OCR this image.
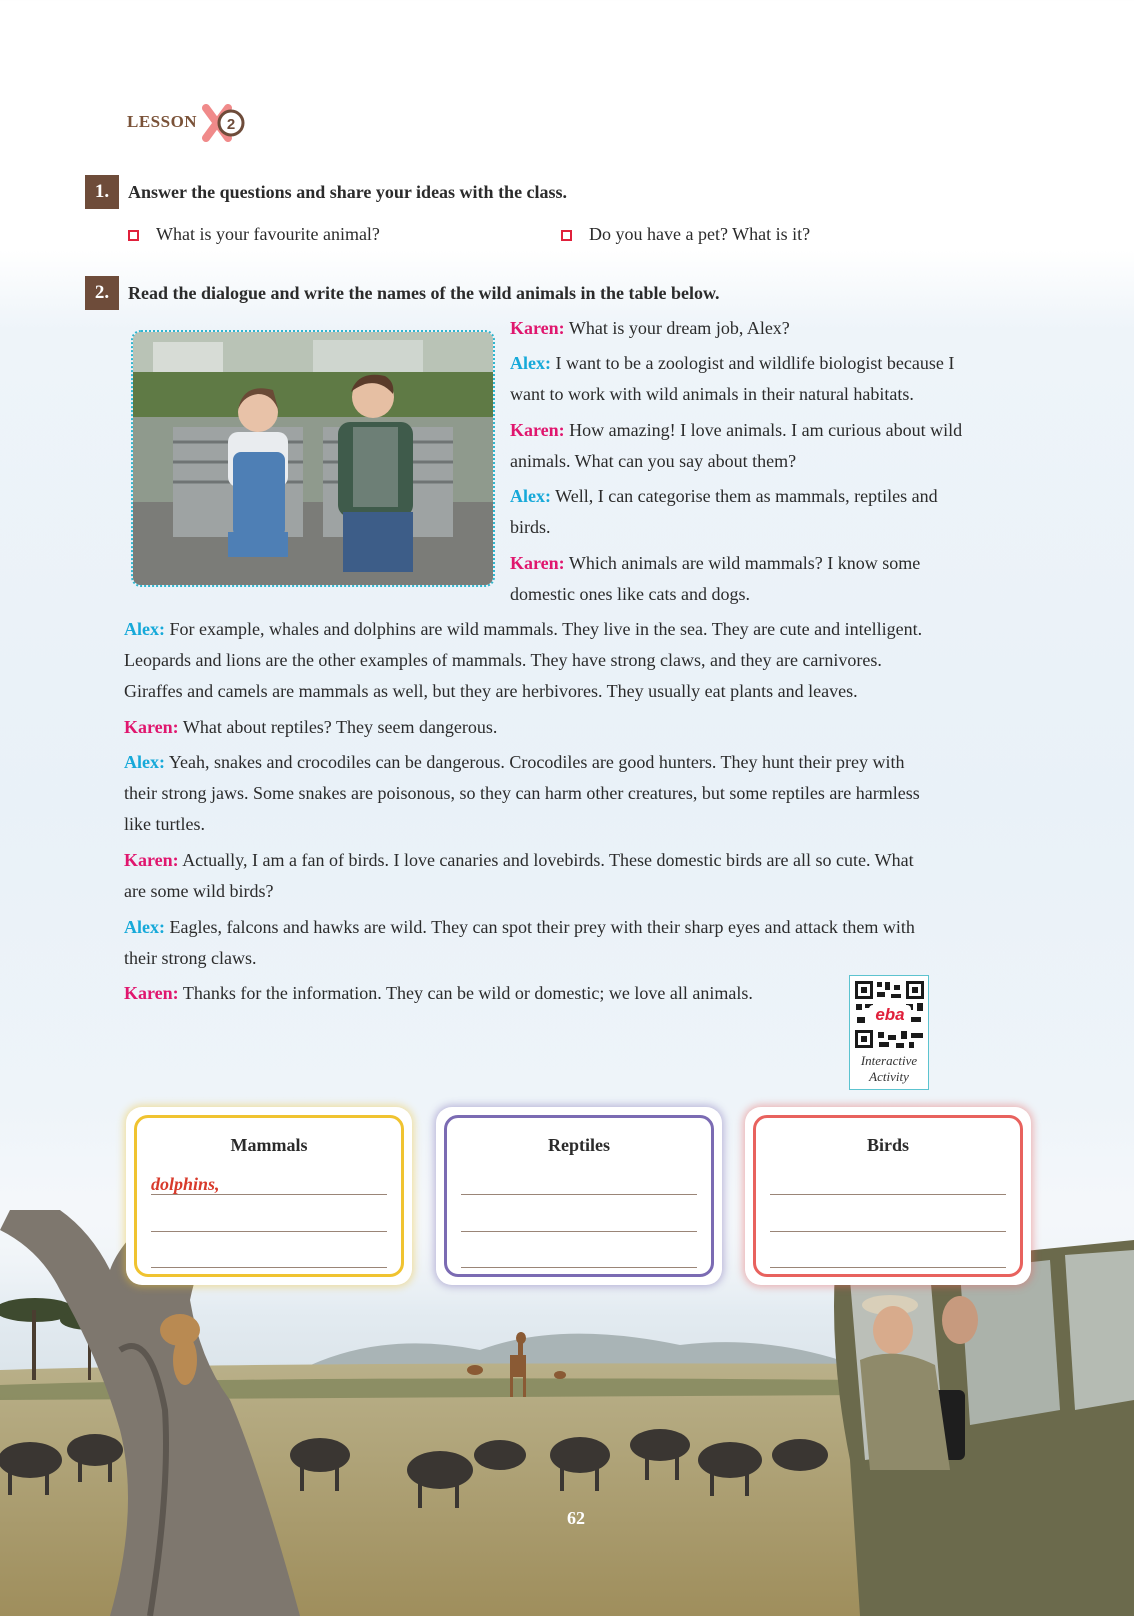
LESSON 2
1.	Answer the questions and share your ideas with the class.
What is your favourite animal?	Do you have a pet? What is it?
2.	Read the dialogue and write the names of the wild animals in the table below.
Karen: What is your dream job, Alex?
Alex: I want to be a zoologist and wildlife biologist because I
want to work with wild animals in their natural habitats.
Karen: How amazing! I love animals. I am curious about wild
animals. What can you say about them?
Alex: Well, I can categorise them as mammals, reptiles and
birds.
Karen: Which animals are wild mammals? I know some
domestic ones like cats and dogs.
Alex: For example, whales and dolphins are wild mammals. They live in the sea. They are cute and intelligent.
Leopards and lions are the other examples of mammals. They have strong claws, and they are carnivores.
Giraffes and camels are mammals as well, but they are herbivores. They usually eat plants and leaves.
Karen: What about reptiles? They seem dangerous.
Alex: Yeah, snakes and crocodiles can be dangerous. Crocodiles are good hunters. They hunt their prey with
their strong jaws. Some snakes are poisonous, so they can harm other creatures, but some reptiles are harmless
like turtles.
Karen: Actually, I am a fan of birds. I love canaries and lovebirds. These domestic birds are all so cute. What
are some wild birds?
Alex: Eagles, falcons and hawks are wild. They can spot their prey with their sharp eyes and attack them with
their strong claws.
Karen: Thanks for the information. They can be wild or domestic; we love all animals.
eba
Interactive
Activity
Mammals
dolphins,
Reptiles	Birds
62
